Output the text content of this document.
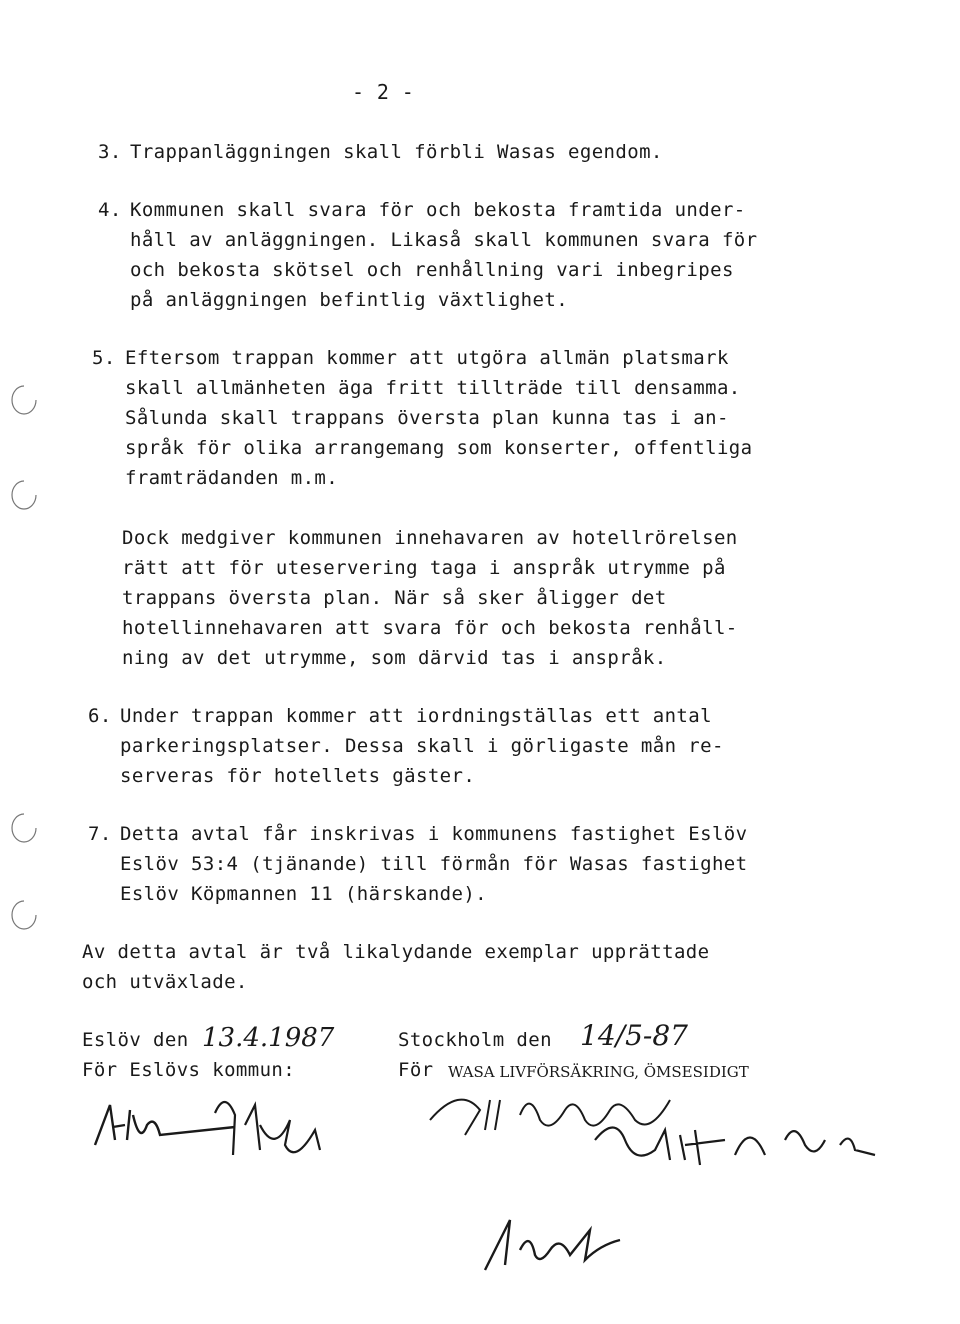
- 2 -
3. Trappanläggningen skall förbli Wasas egendom.
4. Kommunen skall svara för och bekosta framtida under-
håll av anläggningen. Likaså skall kommunen svara för
och bekosta skötsel och renhållning vari inbegripes
på anläggningen befintlig växtlighet.
5. Eftersom trappan kommer att utgöra allmän platsmark
skall allmänheten äga fritt tillträde till densamma.
Sålunda skall trappans översta plan kunna tas i an-
språk för olika arrangemang som konserter, offentliga
framträdanden m.m.
Dock medgiver kommunen innehavaren av hotellrörelsen
rätt att för uteservering taga i anspråk utrymme på
trappans översta plan. När så sker åligger det
hotellinnehavaren att svara för och bekosta renhåll-
ning av det utrymme, som därvid tas i anspråk.
6. Under trappan kommer att iordningställas ett antal
parkeringsplatser. Dessa skall i görligaste mån re-
serveras för hotellets gäster.
7. Detta avtal får inskrivas i kommunens fastighet Eslöv
Eslöv 53:4 (tjänande) till förmån för Wasas fastighet
Eslöv Köpmannen 11 (härskande).
Av detta avtal är två likalydande exemplar upprättade
och utväxlade.
Eslöv den 13.4.1987
För Eslövs kommun:
Stockholm den 14/5-87
För WASA LIVFÖRSÄKRING, ÖMSESIDIGT
